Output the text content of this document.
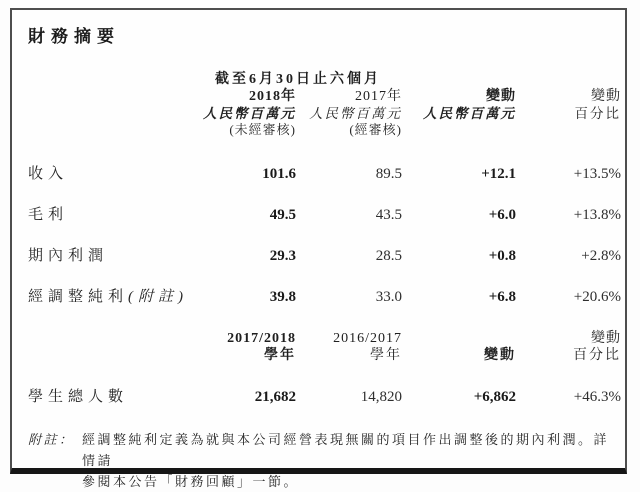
財務摘要
	截至6月30日止六個月			
	2018年	2017年	變動	變動
	人民幣百萬元	人民幣百萬元	人民幣百萬元	百分比
	(未經審核)	(經審核)		
收入	101.6	89.5	+12.1	+13.5%
毛利	49.5	43.5	+6.0	+13.8%
期內利潤	29.3	28.5	+0.8	+2.8%
經調整純利(附註)	39.8	33.0	+6.8	+20.6%
	2017/2018	2016/2017		變動
	學年	學年	變動	百分比
學生總人數	21,682	14,820	+6,862	+46.3%
附註： 經調整純利定義為就與本公司經營表現無關的項目作出調整後的期內利潤。詳情請
參閱本公告「財務回顧」一節。
